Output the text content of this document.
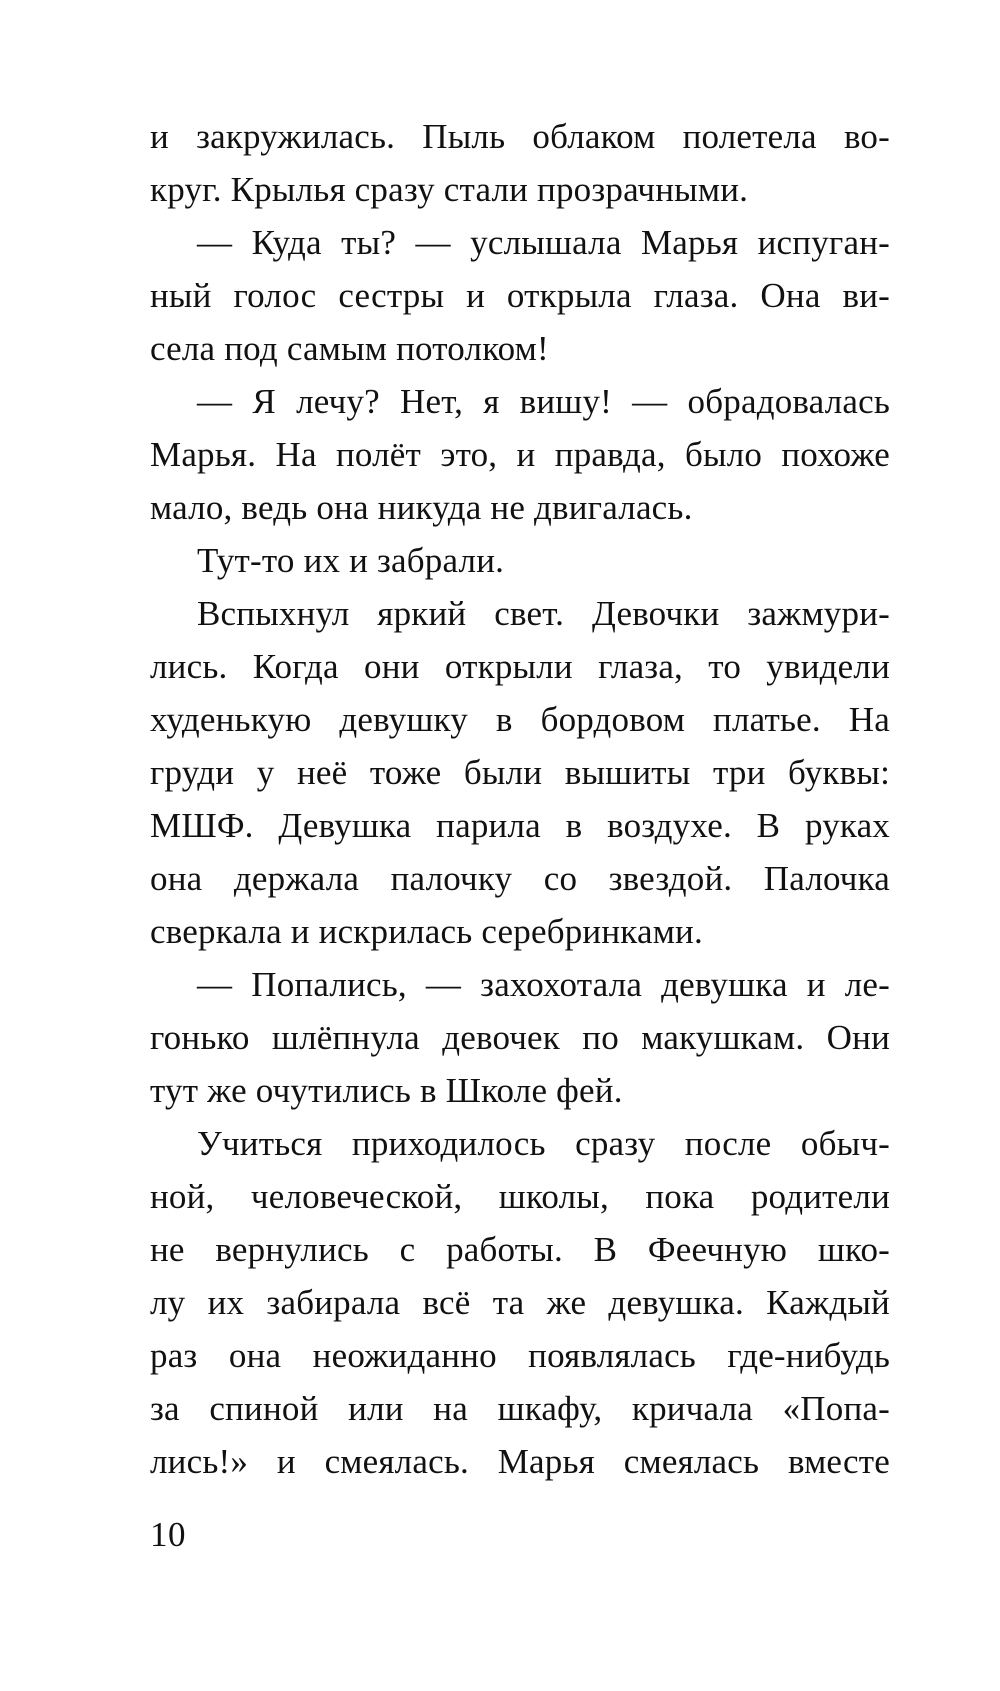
и закружилась. Пыль облаком полетела во-
круг. Крылья сразу стали прозрачными.
— Куда ты? — услышала Марья испуган-
ный голос сестры и открыла глаза. Она ви-
села под самым потолком!
— Я лечу? Нет, я вишу! — обрадовалась
Марья. На полёт это, и правда, было похоже
мало, ведь она никуда не двигалась.
Тут-то их и забрали.
Вспыхнул яркий свет. Девочки зажмури-
лись. Когда они открыли глаза, то увидели
худенькую девушку в бордовом платье. На
груди у неё тоже были вышиты три буквы:
МШФ. Девушка парила в воздухе. В руках
она держала палочку со звездой. Палочка
сверкала и искрилась серебринками.
— Попались, — захохотала девушка и ле-
гонько шлёпнула девочек по макушкам. Они
тут же очутились в Школе фей.
Учиться приходилось сразу после обыч-
ной, человеческой, школы, пока родители
не вернулись с работы. В Феечную шко-
лу их забирала всё та же девушка. Каждый
раз она неожиданно появлялась где-нибудь
за спиной или на шкафу, кричала «Попа-
лись!» и смеялась. Марья смеялась вместе
10
